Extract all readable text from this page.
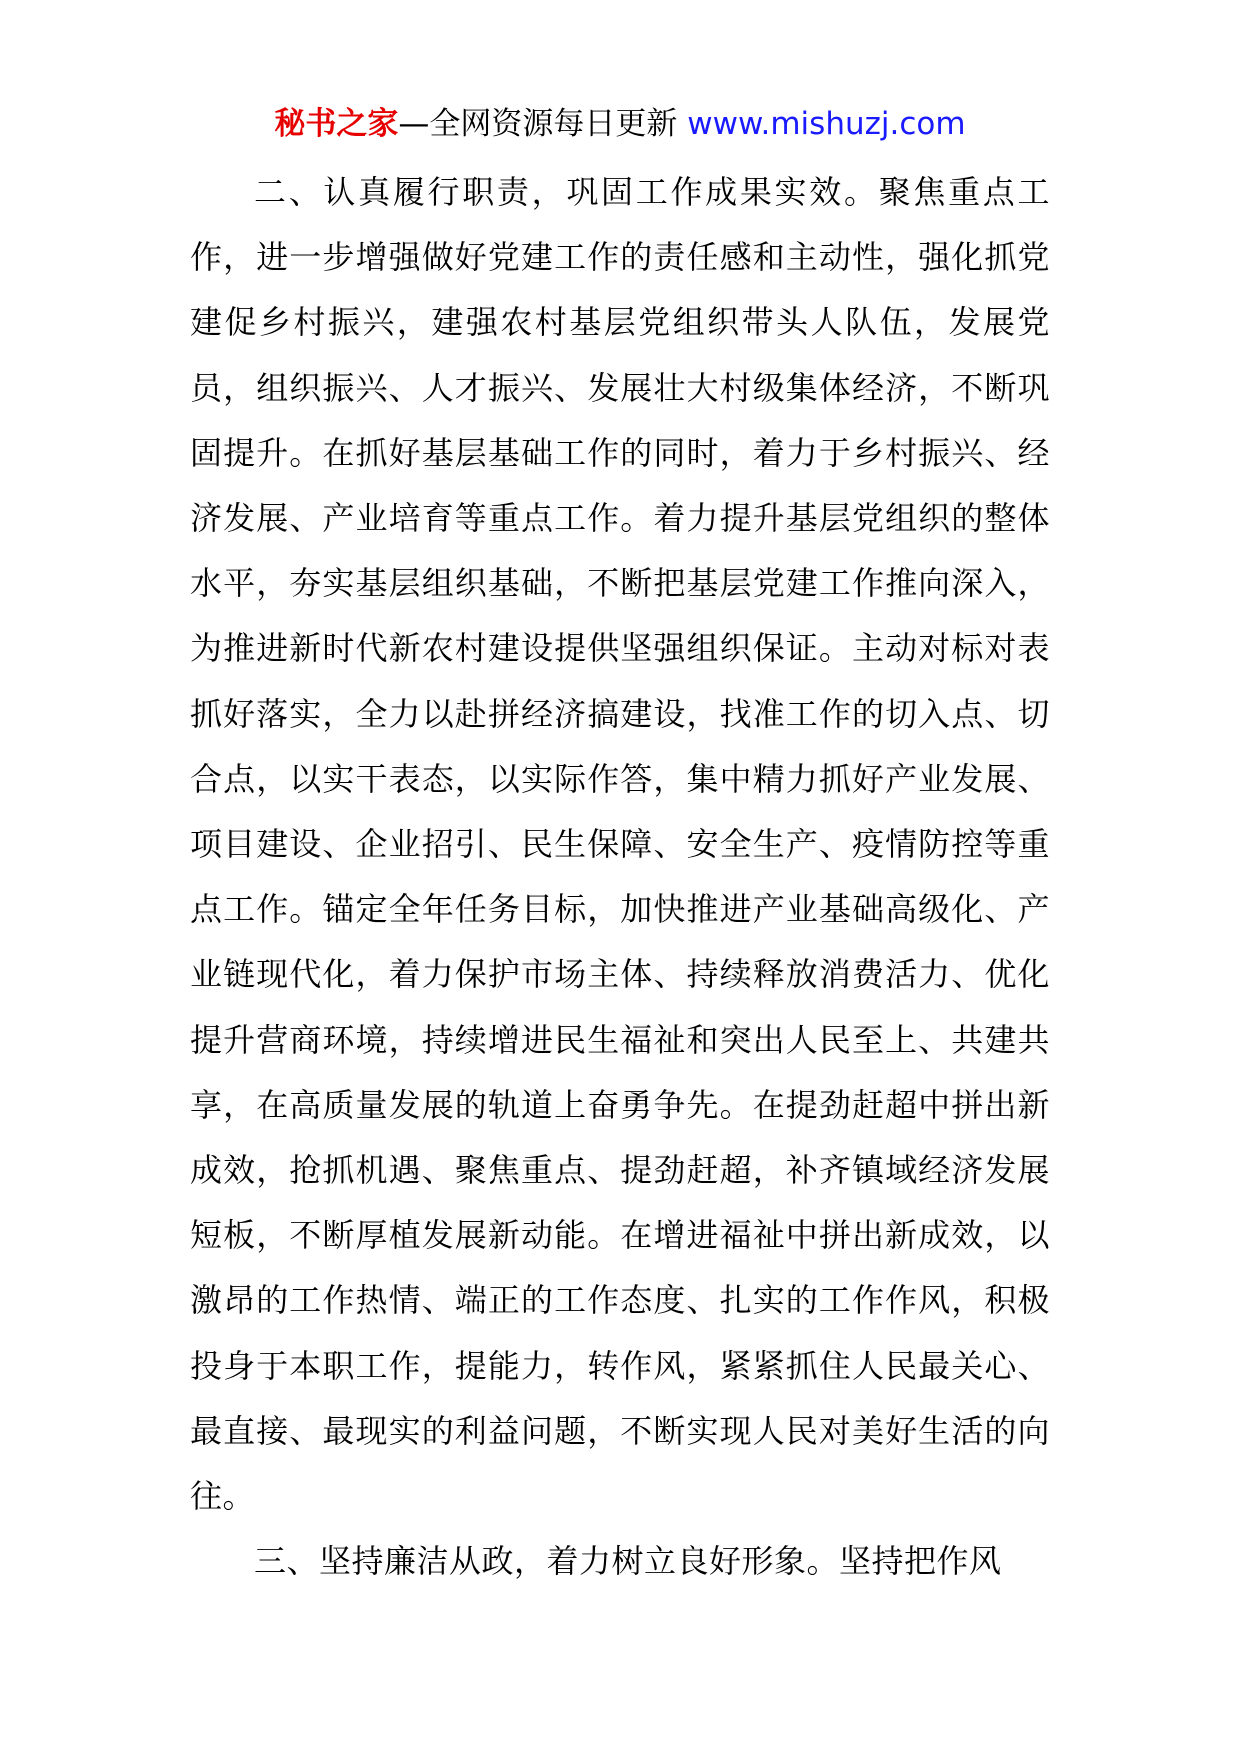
秘书之家—全网资源每日更新 www.mishuzj.com

二、认真履行职责，巩固工作成果实效。聚焦重点工作，进一步增强做好党建工作的责任感和主动性，强化抓党建促乡村振兴，建强农村基层党组织带头人队伍，发展党员，组织振兴、人才振兴、发展壮大村级集体经济，不断巩固提升。在抓好基层基础工作的同时，着力于乡村振兴、经济发展、产业培育等重点工作。着力提升基层党组织的整体水平，夯实基层组织基础，不断把基层党建工作推向深入，为推进新时代新农村建设提供坚强组织保证。主动对标对表抓好落实，全力以赴拼经济搞建设，找准工作的切入点、切合点，以实干表态，以实际作答，集中精力抓好产业发展、项目建设、企业招引、民生保障、安全生产、疫情防控等重点工作。锚定全年任务目标，加快推进产业基础高级化、产业链现代化，着力保护市场主体、持续释放消费活力、优化提升营商环境，持续增进民生福祉和突出人民至上、共建共享，在高质量发展的轨道上奋勇争先。在提劲赶超中拼出新成效，抢抓机遇、聚焦重点、提劲赶超，补齐镇域经济发展短板，不断厚植发展新动能。在增进福祉中拼出新成效，以激昂的工作热情、端正的工作态度、扎实的工作作风，积极投身于本职工作，提能力，转作风，紧紧抓住人民最关心、最直接、最现实的利益问题，不断实现人民对美好生活的向往。

三、坚持廉洁从政，着力树立良好形象。坚持把作风
